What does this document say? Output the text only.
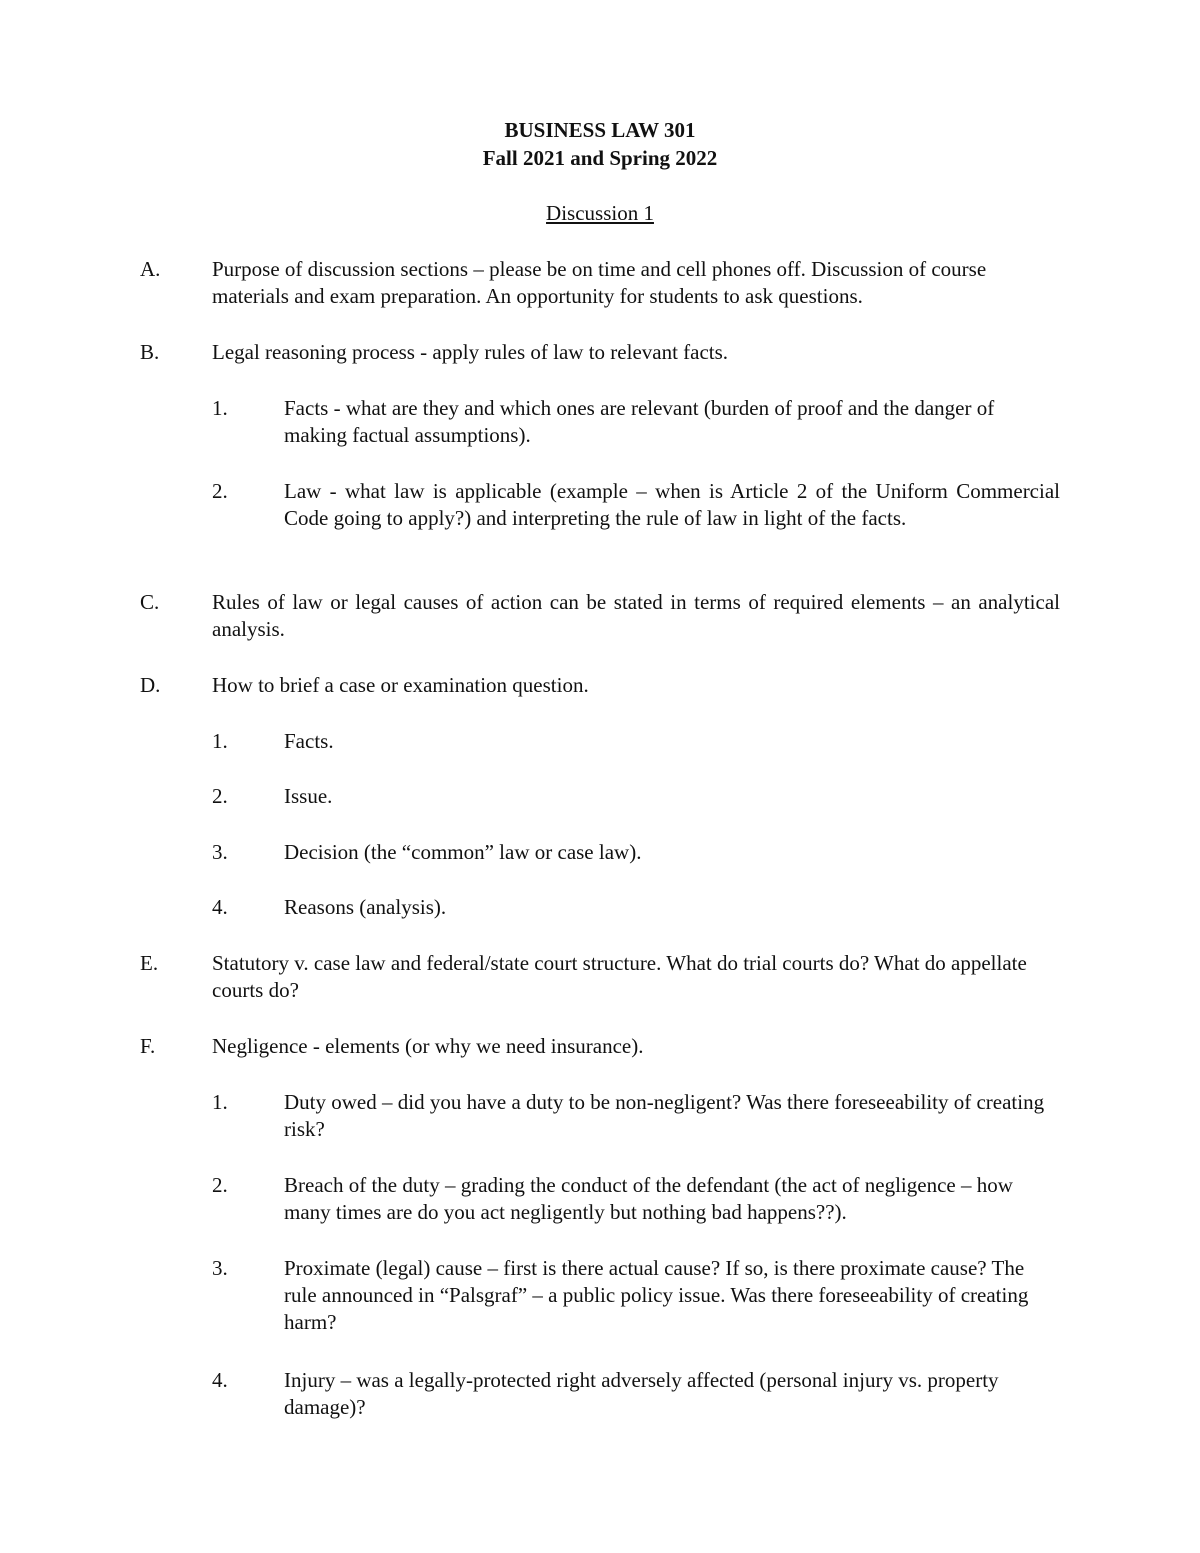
BUSINESS LAW 301
Fall 2021 and Spring 2022
Discussion 1
A. Purpose of discussion sections – please be on time and cell phones off. Discussion of course materials and exam preparation. An opportunity for students to ask questions.
B.	Legal reasoning process - apply rules of law to relevant facts.
1.	Facts - what are they and which ones are relevant (burden of proof and the danger of making factual assumptions).
2.	Law - what law is applicable (example – when is Article 2 of the Uniform Commercial Code going to apply?) and interpreting the rule of law in light of the facts.
C.	Rules of law or legal causes of action can be stated in terms of required elements – an analytical analysis.
D. How to brief a case or examination question.
1.	Facts.
2.	Issue.
3.	Decision (the “common” law or case law).
4.	Reasons (analysis).
E.	Statutory v. case law and federal/state court structure. What do trial courts do? What do appellate courts do?
F.	Negligence - elements (or why we need insurance).
1.	Duty owed – did you have a duty to be non-negligent? Was there foreseeability of creating risk?
2.	Breach of the duty – grading the conduct of the defendant (the act of negligence – how many times are do you act negligently but nothing bad happens??).
3.	Proximate (legal) cause – first is there actual cause? If so, is there proximate cause? The rule announced in “Palsgraf” – a public policy issue. Was there foreseeability of creating harm?
4.	Injury – was a legally-protected right adversely affected (personal injury vs. property damage)?
